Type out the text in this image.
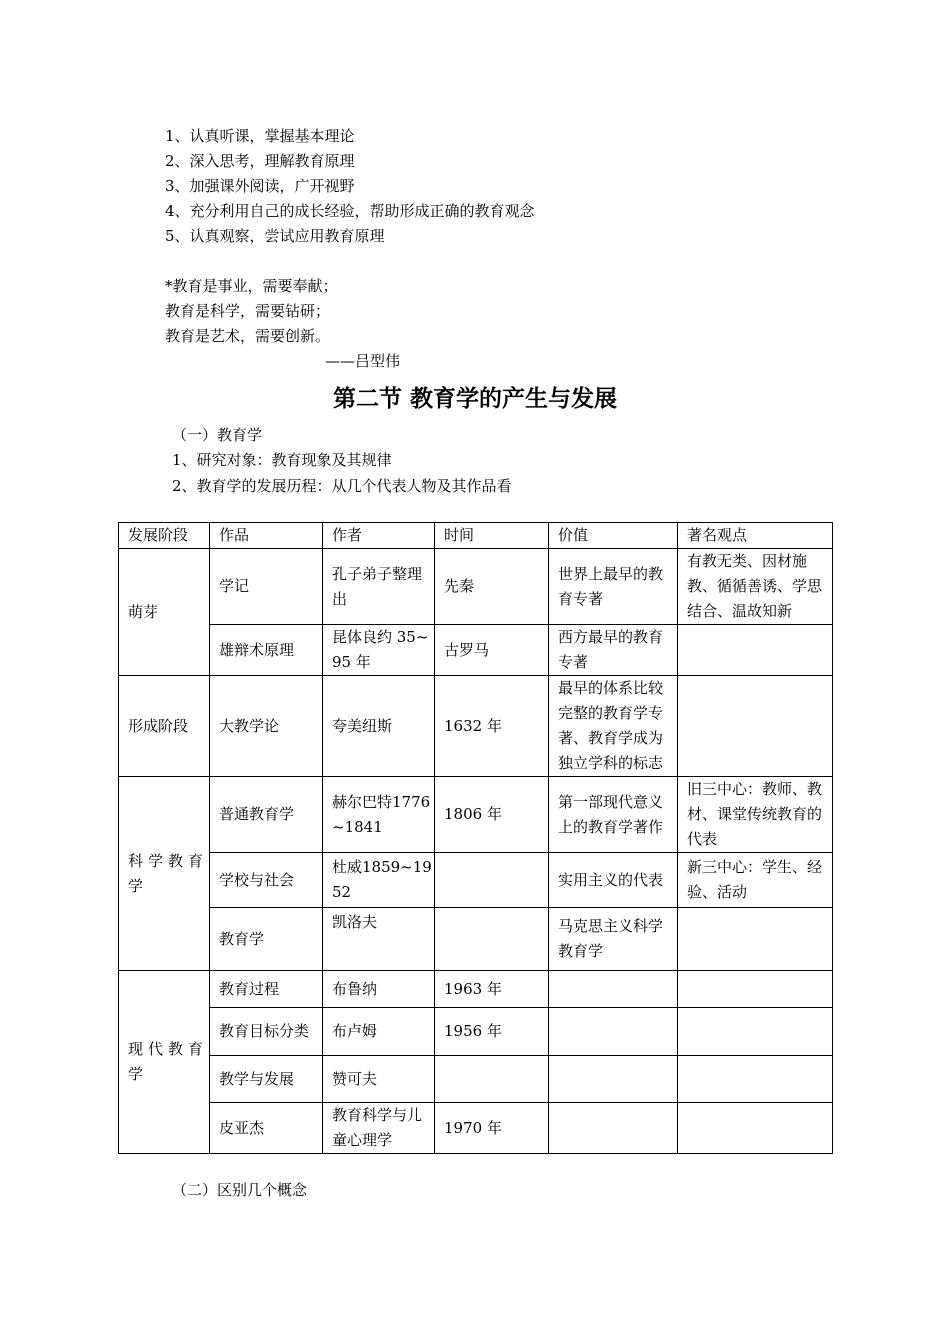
1、认真听课，掌握基本理论
2、深入思考，理解教育原理
3、加强课外阅读，广开视野
4、充分利用自己的成长经验，帮助形成正确的教育观念
5、认真观察，尝试应用教育原理
*教育是事业，需要奉献；
教育是科学，需要钻研；
教育是艺术，需要创新。
——吕型伟
第二节 教育学的产生与发展
（一）教育学
1、研究对象：教育现象及其规律
2、教育学的发展历程：从几个代表人物及其作品看
发展阶段	作品	作者	时间	价值	著名观点
萌芽	学记	孔子弟子整理出	先秦	世界上最早的教育专著	有教无类、因材施教、循循善诱、学思结合、温故知新
	雄辩术原理	昆体良约 35~95 年	古罗马	西方最早的教育专著	
形成阶段	大教学论	夸美纽斯	1632 年	最早的体系比较完整的教育学专著、教育学成为独立学科的标志	
科 学 教 育 学	普通教育学	赫尔巴特1776~1841	1806 年	第一部现代意义上的教育学著作	旧三中心：教师、教材、课堂传统教育的代表
	学校与社会	杜威1859~1952		实用主义的代表	新三中心：学生、经验、活动
	教育学	凯洛夫		马克思主义科学教育学	
现 代 教 育 学	教育过程	布鲁纳	1963 年		
	教育目标分类	布卢姆	1956 年		
	教学与发展	赞可夫			
	皮亚杰	教育科学与儿童心理学	1970 年		
（二）区别几个概念
